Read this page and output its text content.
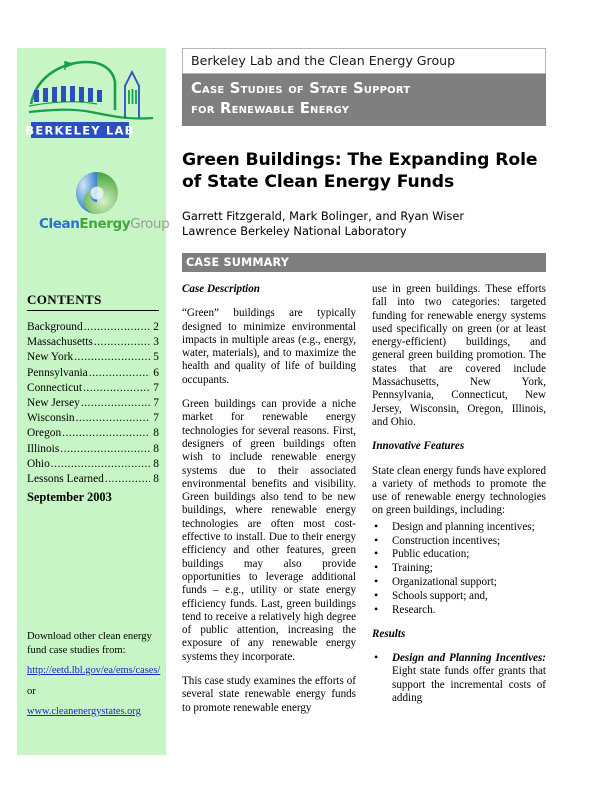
BERKELEY LAB
CleanEnergyGroup
CONTENTS
Background .....	2
Massachusetts .....	3
New York .....	5
Pennsylvania .....	6
Connecticut .....	7
New Jersey .....	7
Wisconsin .....	7
Oregon .....	8
Illinois .....	8
Ohio .....	8
Lessons Learned .....	8
September 2003
Download other clean energy
fund case studies from:
http://eetd.lbl.gov/ea/ems/cases/
or
www.cleanenergystates.org
Berkeley Lab and the Clean Energy Group
Case Studies of State Support
for Renewable Energy
Green Buildings: The Expanding Role of State Clean Energy Funds
Garrett Fitzgerald, Mark Bolinger, and Ryan Wiser
Lawrence Berkeley National Laboratory
CASE SUMMARY

Case Description

“Green” buildings are typically designed to minimize environmental impacts in multiple areas (e.g., energy, water, materials), and to maximize the health and quality of life of building occupants.

Green buildings can provide a niche market for renewable energy technologies for several reasons. First, designers of green buildings often wish to include renewable energy systems due to their associated environmental benefits and visibility. Green buildings also tend to be new buildings, where renewable energy technologies are often most cost-effective to install. Due to their energy efficiency and other features, green buildings may also provide opportunities to leverage additional funds – e.g., utility or state energy efficiency funds. Last, green buildings tend to receive a relatively high degree of public attention, increasing the exposure of any renewable energy systems they incorporate.

This case study examines the efforts of several state renewable energy funds to promote renewable energy

use in green buildings. These efforts fall into two categories: targeted funding for renewable energy systems used specifically on green (or at least energy-efficient) buildings, and general green building promotion. The states that are covered include Massachusetts, New York, Pennsylvania, Connecticut, New Jersey, Wisconsin, Oregon, Illinois, and Ohio.

Innovative Features

State clean energy funds have explored a variety of methods to promote the use of renewable energy technologies on green buildings, including:

• Design and planning incentives;
• Construction incentives;
• Public education;
• Training;
• Organizational support;
• Schools support; and,
• Research.

Results

• Design and Planning Incentives: Eight state funds offer grants that support the incremental costs of adding
